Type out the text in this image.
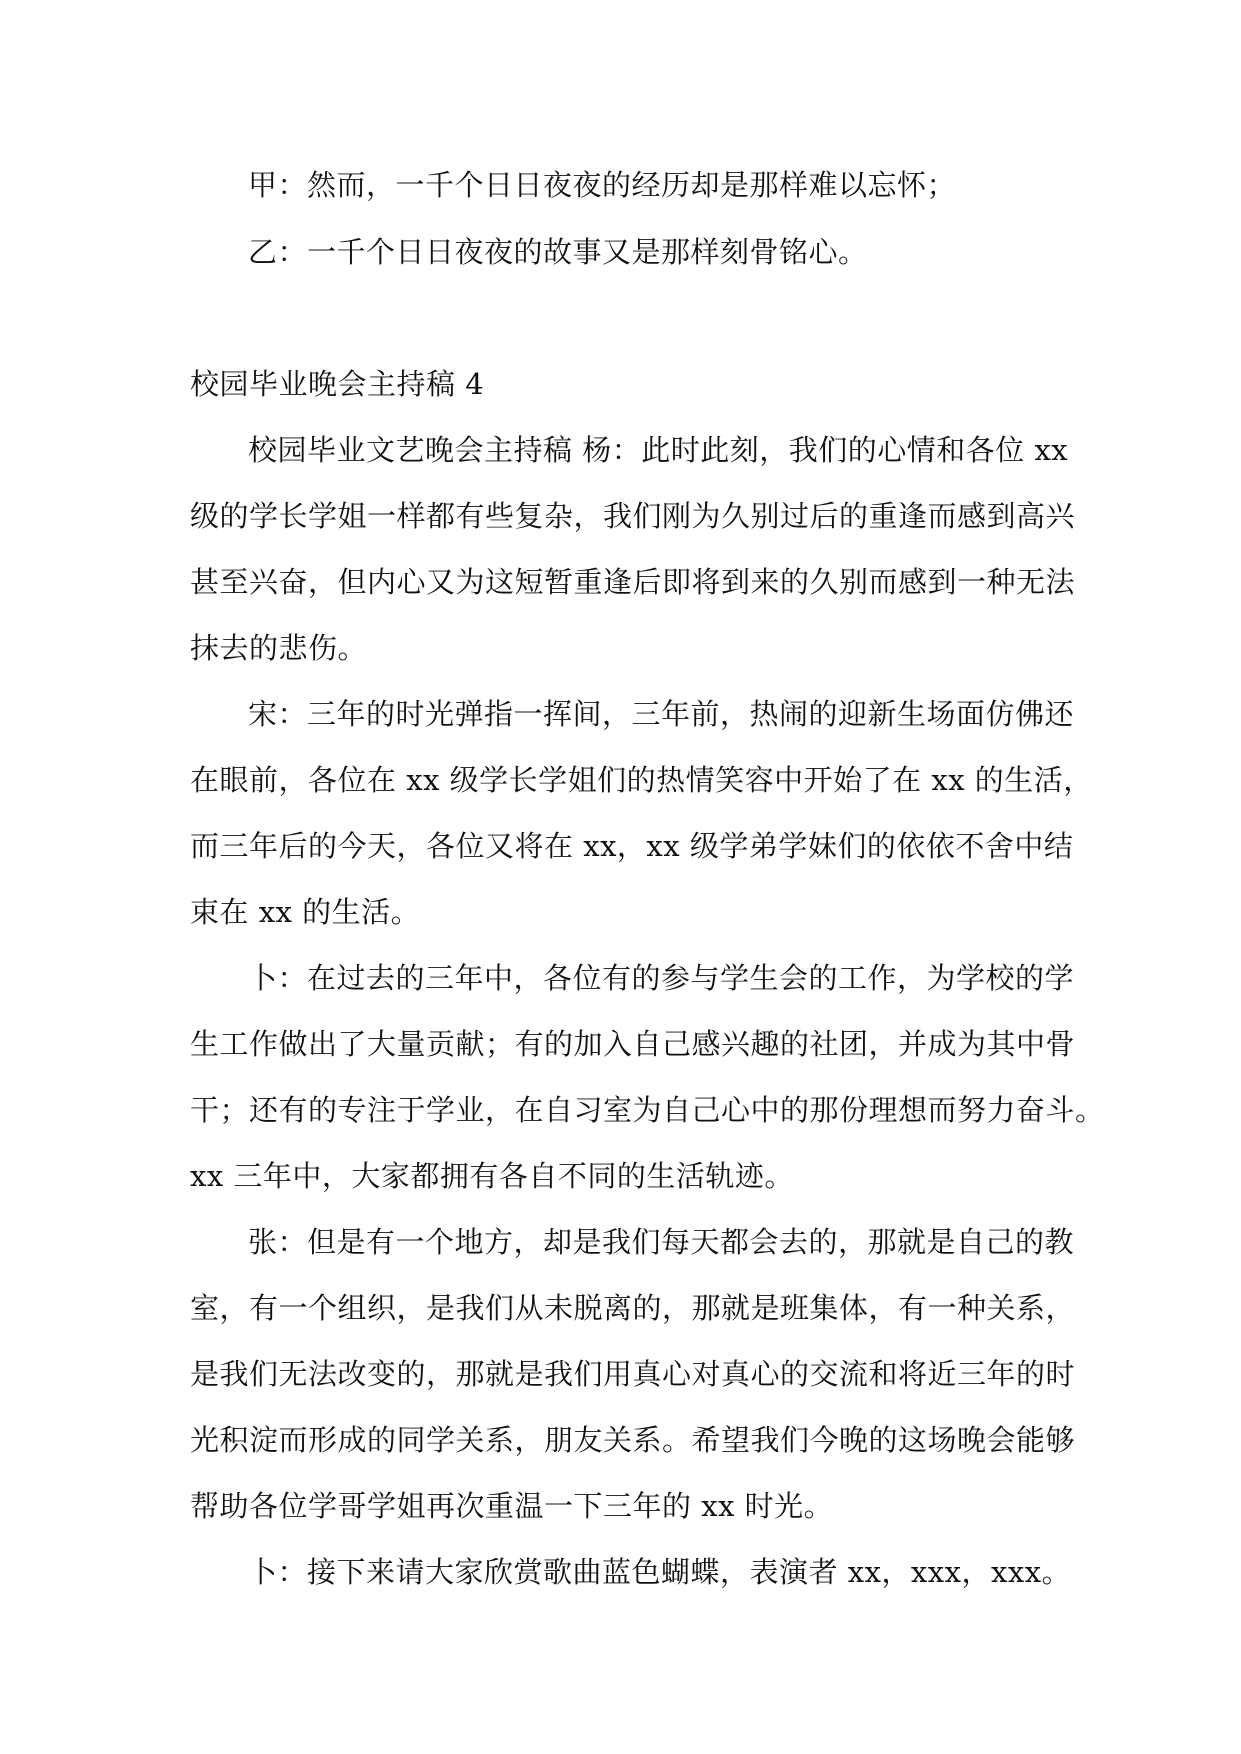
甲：然而，一千个日日夜夜的经历却是那样难以忘怀；
乙：一千个日日夜夜的故事又是那样刻骨铭心。
校园毕业晚会主持稿 4
校园毕业文艺晚会主持稿 杨：此时此刻，我们的心情和各位 xx
级的学长学姐一样都有些复杂，我们刚为久别过后的重逢而感到高兴
甚至兴奋，但内心又为这短暂重逢后即将到来的久别而感到一种无法
抹去的悲伤。
宋：三年的时光弹指一挥间，三年前，热闹的迎新生场面仿佛还
在眼前，各位在 xx 级学长学姐们的热情笑容中开始了在 xx 的生活，
而三年后的今天，各位又将在 xx，xx 级学弟学妹们的依依不舍中结
束在 xx 的生活。
卜：在过去的三年中，各位有的参与学生会的工作，为学校的学
生工作做出了大量贡献；有的加入自己感兴趣的社团，并成为其中骨
干；还有的专注于学业，在自习室为自己心中的那份理想而努力奋斗。
xx 三年中，大家都拥有各自不同的生活轨迹。
张：但是有一个地方，却是我们每天都会去的，那就是自己的教
室，有一个组织，是我们从未脱离的，那就是班集体，有一种关系，
是我们无法改变的，那就是我们用真心对真心的交流和将近三年的时
光积淀而形成的同学关系，朋友关系。希望我们今晚的这场晚会能够
帮助各位学哥学姐再次重温一下三年的 xx 时光。
卜：接下来请大家欣赏歌曲蓝色蝴蝶，表演者 xx，xxx，xxx。
